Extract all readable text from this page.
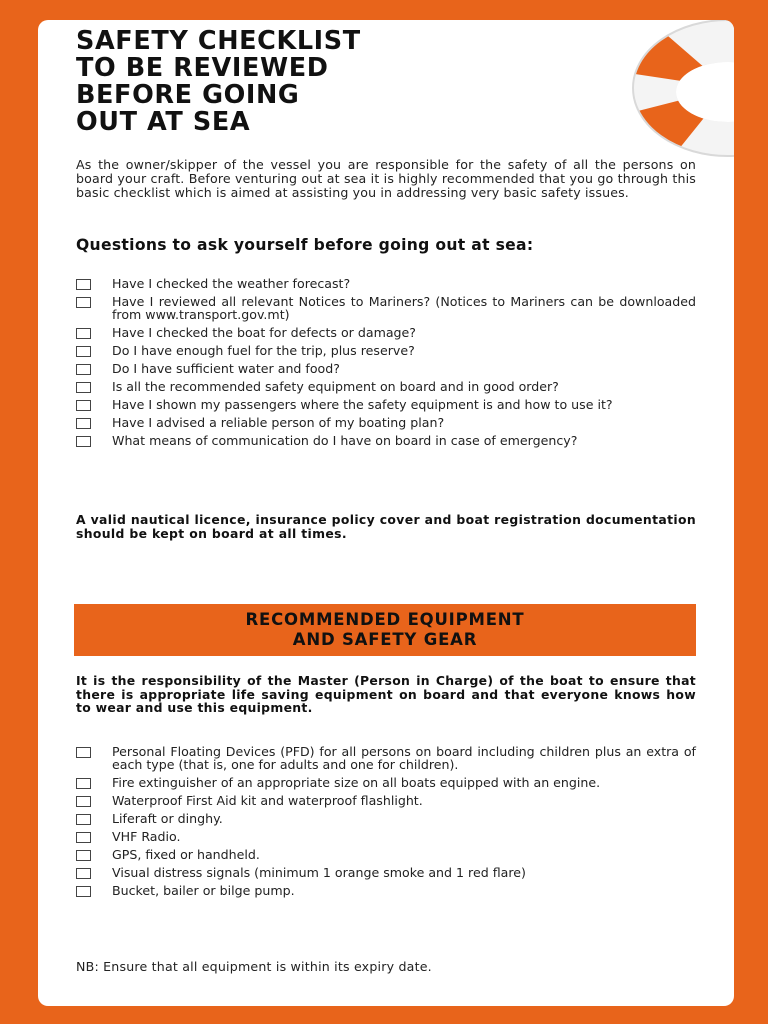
SAFETY CHECKLIST
TO BE REVIEWED
BEFORE GOING
OUT AT SEA

As the owner/skipper of the vessel you are responsible for the safety of all the persons on board your craft. Before venturing out at sea it is highly recommended that you go through this basic checklist which is aimed at assisting you in addressing very basic safety issues.

Questions to ask yourself before going out at sea:
Have I checked the weather forecast?
Have I reviewed all relevant Notices to Mariners? (Notices to Mariners can be downloaded from www.transport.gov.mt)
Have I checked the boat for defects or damage?
Do I have enough fuel for the trip, plus reserve?
Do I have sufficient water and food?
Is all the recommended safety equipment on board and in good order?
Have I shown my passengers where the safety equipment is and how to use it?
Have I advised a reliable person of my boating plan?
What means of communication do I have on board in case of emergency?

A valid nautical licence, insurance policy cover and boat registration documentation should be kept on board at all times.

RECOMMENDED EQUIPMENT
AND SAFETY GEAR

It is the responsibility of the Master (Person in Charge) of the boat to ensure that there is appropriate life saving equipment on board and that everyone knows how to wear and use this equipment.

Personal Floating Devices (PFD) for all persons on board including children plus an extra of each type (that is, one for adults and one for children).
Fire extinguisher of an appropriate size on all boats equipped with an engine.
Waterproof First Aid kit and waterproof flashlight.
Liferaft or dinghy.
VHF Radio.
GPS, fixed or handheld.
Visual distress signals (minimum 1 orange smoke and 1 red flare)
Bucket, bailer or bilge pump.

NB: Ensure that all equipment is within its expiry date.
